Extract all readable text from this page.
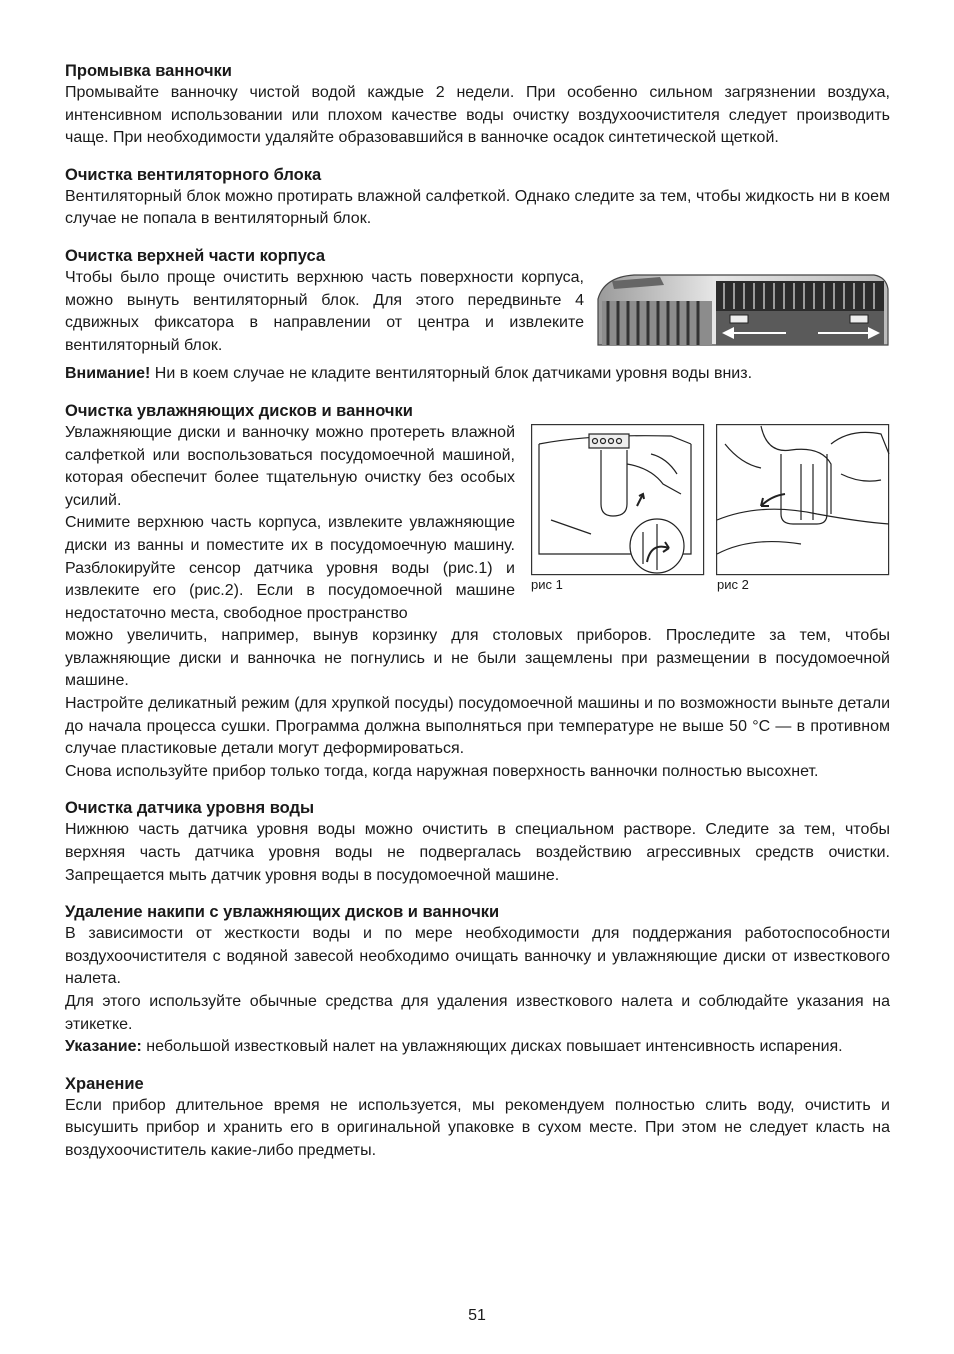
Промывка ванночки

Промывайте ванночку чистой водой каждые 2 недели. При особенно сильном загрязнении воздуха, интенсивном использовании или плохом качестве воды очистку воздухоочистителя следует производить чаще. При необходимости удаляйте образовавшийся в ванночке осадок синтетической щеткой.

Очистка вентиляторного блока

Вентиляторный блок можно протирать влажной салфеткой. Однако следите за тем, чтобы жидкость ни в коем случае не попала в вентиляторный блок.

Очистка верхней части корпуса

Чтобы было проще очистить верхнюю часть поверхности корпуса, можно вынуть вентиляторный блок. Для этого передвиньте 4 сдвижных фиксатора в направлении от центра и извлеките вентиляторный блок.

Внимание! Ни в коем случае не кладите вентиляторный блок датчиками уровня воды вниз.

Очистка увлажняющих дисков и ванночки

Увлажняющие диски и ванночку можно протереть влажной салфеткой или воспользоваться посудомоечной машиной, которая обеспечит более тщательную очистку без особых усилий.

Снимите верхнюю часть корпуса, извлеките увлажняющие диски из ванны и поместите их в посудомоечную машину. Разблокируйте сенсор датчика уровня воды (рис.1) и извлеките его (рис.2). Если в посудомоечной машине недостаточно места, свободное пространство

рис 1	рис 2

можно увеличить, например, вынув корзинку для столовых приборов. Проследите за тем, чтобы увлажняющие диски и ванночка не погнулись и не были защемлены при размещении в посудомоечной машине.

Настройте деликатный режим (для хрупкой посуды) посудомоечной машины и по возможности выньте детали до начала процесса сушки. Программа должна выполняться при температуре не выше 50 °C — в противном случае пластиковые детали могут деформироваться.

Снова используйте прибор только тогда, когда наружная поверхность ванночки полностью высохнет.

Очистка датчика уровня воды

Нижнюю часть датчика уровня воды можно очистить в специальном растворе. Следите за тем, чтобы верхняя часть датчика уровня воды не подвергалась воздействию агрессивных средств очистки. Запрещается мыть датчик уровня воды в посудомоечной машине.

Удаление накипи с увлажняющих дисков и ванночки

В зависимости от жесткости воды и по мере необходимости для поддержания работоспособности воздухоочистителя с водяной завесой необходимо очищать ванночку и увлажняющие диски от известкового налета.

Для этого используйте обычные средства для удаления известкового налета и соблюдайте указания на этикетке.

Указание: небольшой известковый налет на увлажняющих дисках повышает интенсивность испарения.

Хранение

Если прибор длительное время не используется, мы рекомендуем полностью слить воду, очистить и высушить прибор и хранить его в оригинальной упаковке в сухом месте. При этом не следует класть на воздухоочиститель какие-либо предметы.

51
